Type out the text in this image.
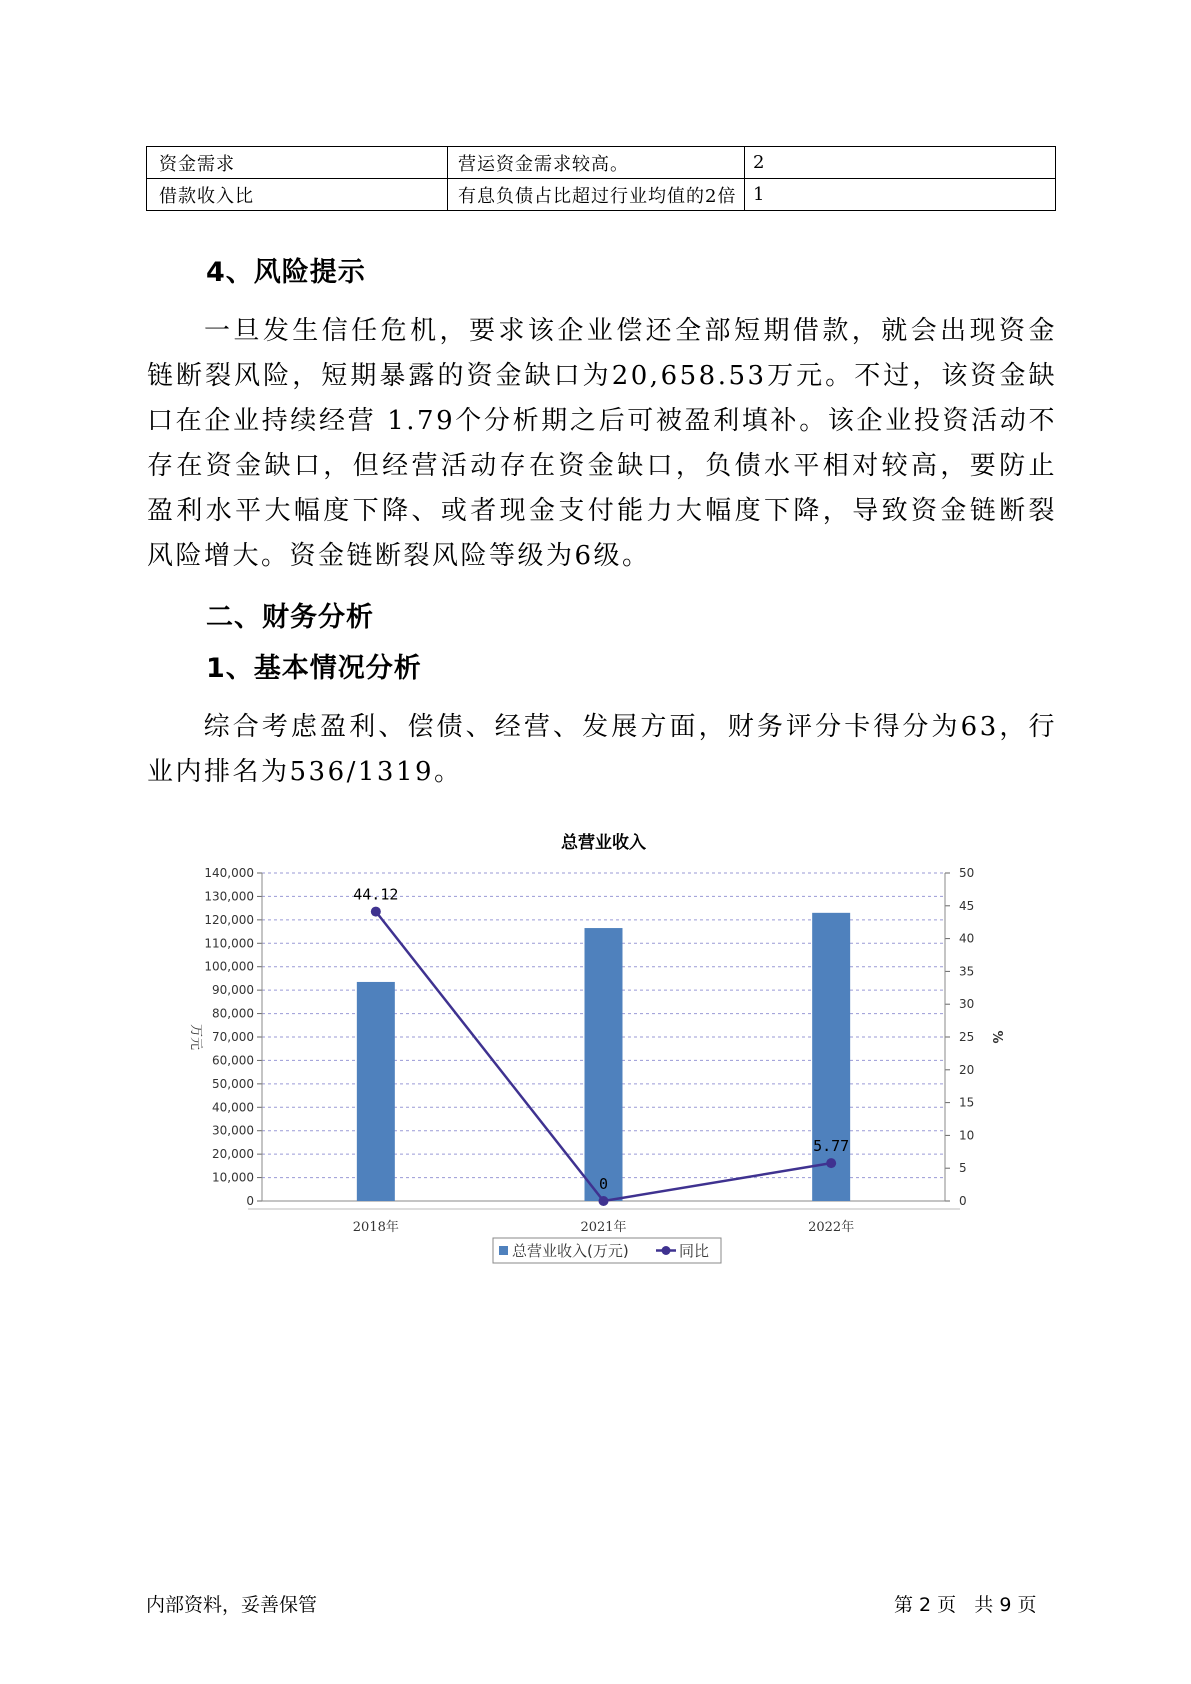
资金需求	营运资金需求较高。	2
借款收入比	有息负债占比超过行业均值的2倍	1
4、风险提示
一旦发生信任危机，要求该企业偿还全部短期借款，就会出现资金链断裂风险，短期暴露的资金缺口为20,658.53万元。不过，该资金缺口在企业持续经营 1.79个分析期之后可被盈利填补。该企业投资活动不存在资金缺口，但经营活动存在资金缺口，负债水平相对较高，要防止盈利水平大幅度下降、或者现金支付能力大幅度下降，导致资金链断裂风险增大。资金链断裂风险等级为6级。
二、财务分析
1、基本情况分析
综合考虑盈利、偿债、经营、发展方面，财务评分卡得分为63，行业内排名为536/1319。
总营业收入
0
10,000
20,000
30,000
40,000
50,000
60,000
70,000
80,000
90,000
100,000
110,000
120,000
130,000
140,000
0
5
10
15
20
25
30
35
40
45
50
万元	%
2018年	2021年	2022年
44.12
0
5.77
总营业收入(万元)	同比
内部资料，妥善保管	第 2 页   共 9 页
